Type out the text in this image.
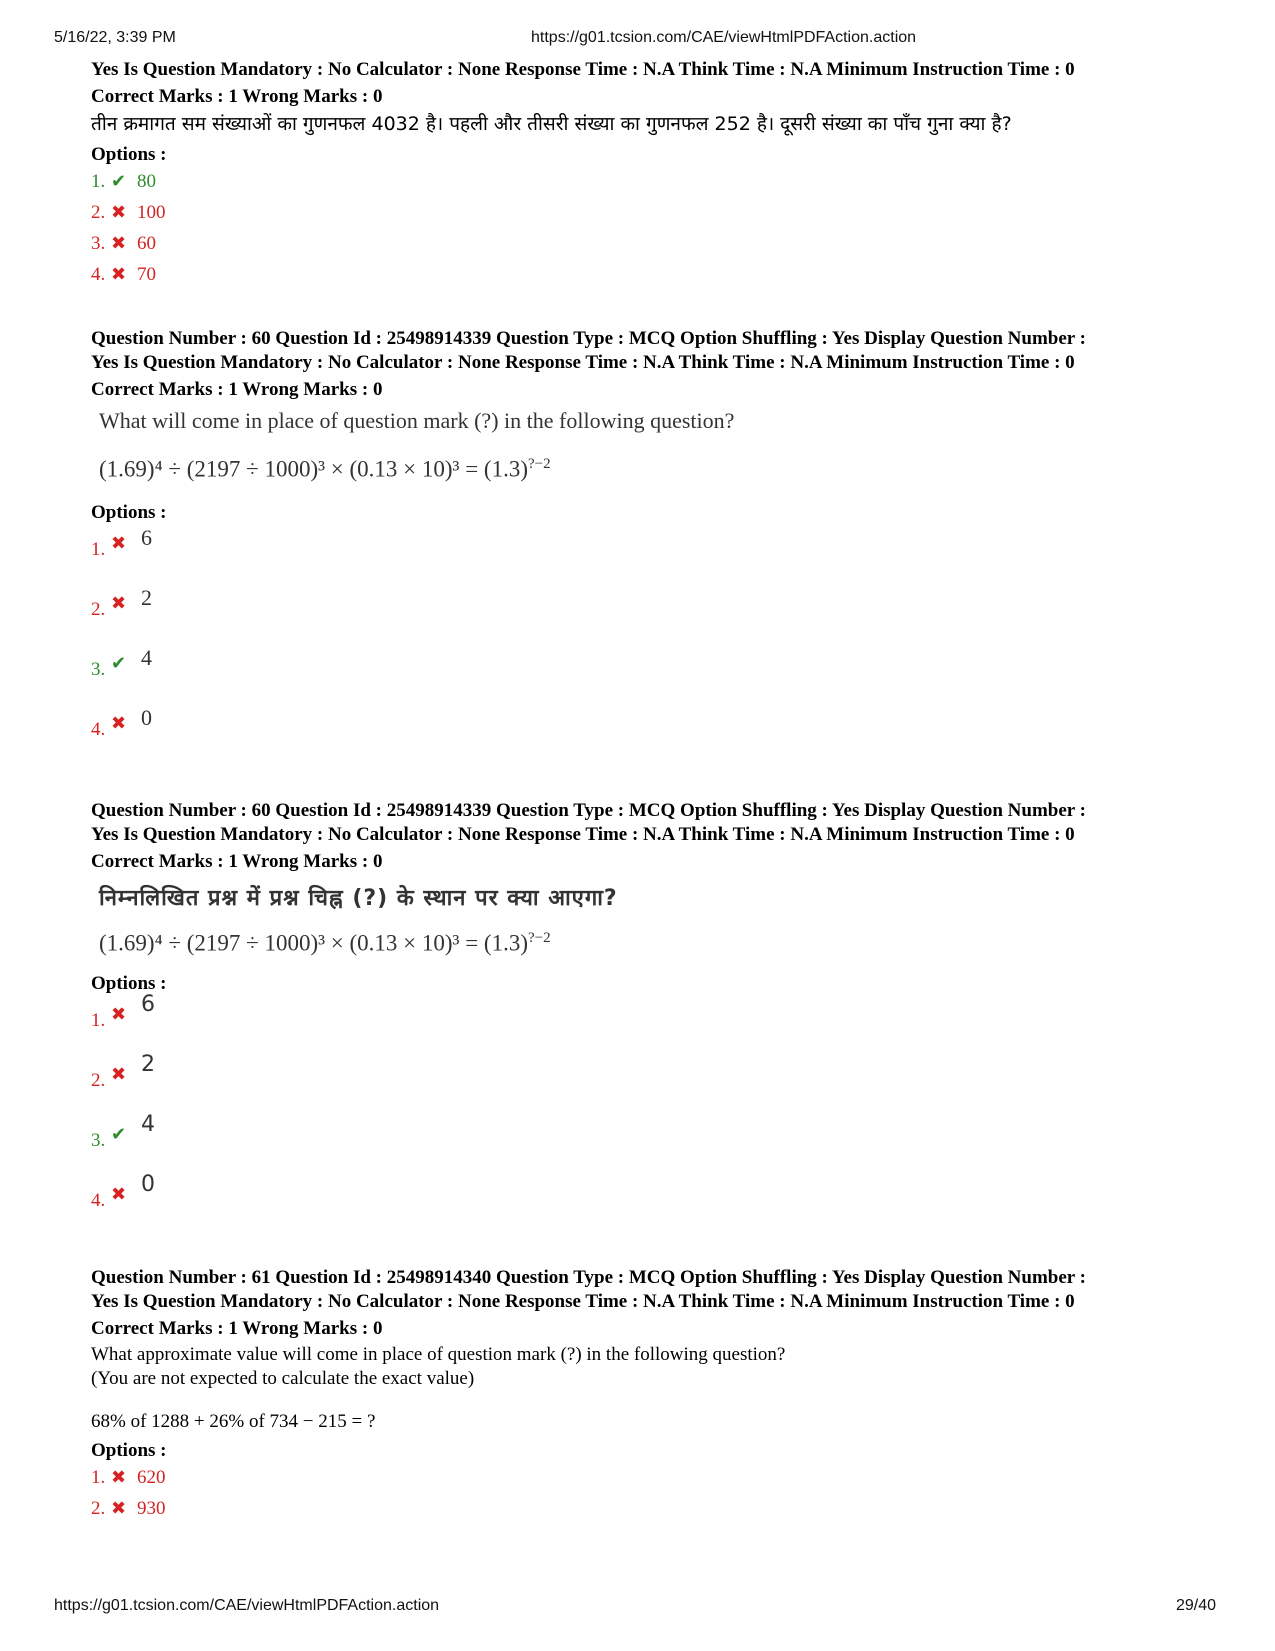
5/16/22, 3:39 PM	https://g01.tcsion.com/CAE/viewHtmlPDFAction.action
Yes Is Question Mandatory : No Calculator : None Response Time : N.A Think Time : N.A Minimum Instruction Time : 0
Correct Marks : 1 Wrong Marks : 0
तीन क्रमागत सम संख्याओं का गुणनफल 4032 है। पहली और तीसरी संख्या का गुणनफल 252 है। दूसरी संख्या का पाँच गुना क्या है?
Options :
1. ✔ 80
2. ✖ 100
3. ✖ 60
4. ✖ 70
Question Number : 60 Question Id : 25498914339 Question Type : MCQ Option Shuffling : Yes Display Question Number :
Yes Is Question Mandatory : No Calculator : None Response Time : N.A Think Time : N.A Minimum Instruction Time : 0
Correct Marks : 1 Wrong Marks : 0
What will come in place of question mark (?) in the following question?
$(1.69)^4 \div (2197 \div 1000)^3 \times (0.13 \times 10)^3 = (1.3)^{?-2}$
Options :
1. ✖ 6
2. ✖ 2
3. ✔ 4
4. ✖ 0
Question Number : 60 Question Id : 25498914339 Question Type : MCQ Option Shuffling : Yes Display Question Number :
Yes Is Question Mandatory : No Calculator : None Response Time : N.A Think Time : N.A Minimum Instruction Time : 0
Correct Marks : 1 Wrong Marks : 0
निम्नलिखित प्रश्न में प्रश्न चिह्न (?) के स्थान पर क्या आएगा?
$(1.69)^4 \div (2197 \div 1000)^3 \times (0.13 \times 10)^3 = (1.3)^{?-2}$
Options :
1. ✖ 6
2. ✖ 2
3. ✔ 4
4. ✖ 0
Question Number : 61 Question Id : 25498914340 Question Type : MCQ Option Shuffling : Yes Display Question Number :
Yes Is Question Mandatory : No Calculator : None Response Time : N.A Think Time : N.A Minimum Instruction Time : 0
Correct Marks : 1 Wrong Marks : 0
What approximate value will come in place of question mark (?) in the following question?
(You are not expected to calculate the exact value)
68% of 1288 + 26% of 734 − 215 = ?
Options :
1. ✖ 620
2. ✖ 930
https://g01.tcsion.com/CAE/viewHtmlPDFAction.action	29/40
